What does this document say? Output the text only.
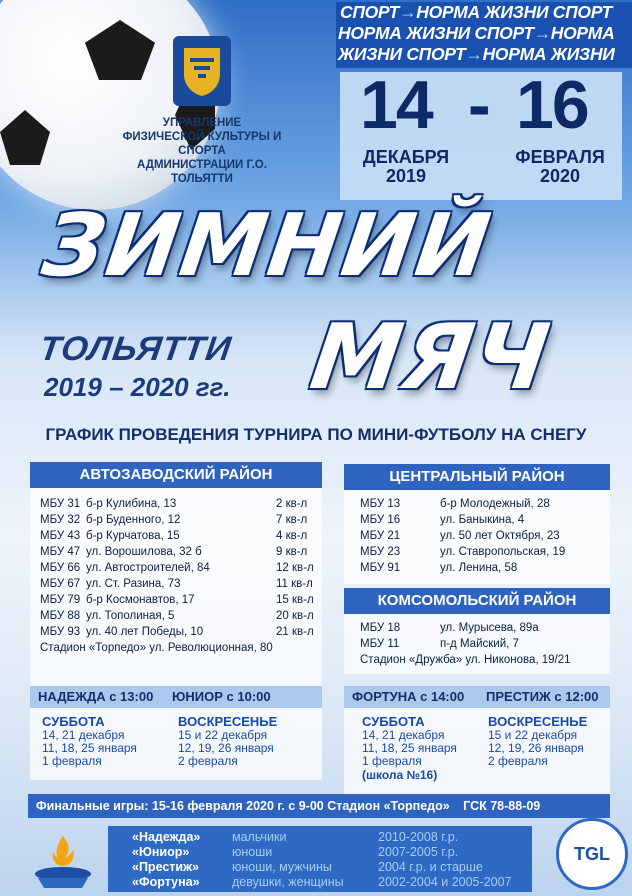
УПРАВЛЕНИЕ
ФИЗИЧЕСКОЙ КУЛЬТУРЫ И СПОРТА
АДМИНИСТРАЦИИ Г.О. ТОЛЬЯТТИ
СПОРТ→НОРМА ЖИЗНИ СПОРТ
НОРМА ЖИЗНИ СПОРТ→НОРМА
ЖИЗНИ СПОРТ→НОРМА ЖИЗНИ
14 - 16
ДЕКАБРЯ
2019
ФЕВРАЛЯ
2020
ЗИМНИЙ
МЯЧ
ТОЛЬЯТТИ
2019 – 2020 гг.
ГРАФИК ПРОВЕДЕНИЯ ТУРНИРА ПО МИНИ-ФУТБОЛУ НА СНЕГУ
АВТОЗАВОДСКИЙ РАЙОН
МБУ 31 б-р Кулибина, 13	2 кв-л
МБУ 32 б-р Буденного, 12	7 кв-л
МБУ 43 б-р Курчатова, 15	4 кв-л
МБУ 47 ул. Ворошилова, 32 б	9 кв-л
МБУ 66 ул. Автостроителей, 84	12 кв-л
МБУ 67 ул. Ст. Разина, 73	11 кв-л
МБУ 79 б-р Космонавтов, 17	15 кв-л
МБУ 88 ул. Тополиная, 5	20 кв-л
МБУ 93 ул. 40 лет Победы, 10	21 кв-л
Стадион «Торпедо» ул. Революционная, 80
ЦЕНТРАЛЬНЫЙ РАЙОН
МБУ 13	б-р Молодежный, 28
МБУ 16	ул. Баныкина, 4
МБУ 21	ул. 50 лет Октября, 23
МБУ 23	ул. Ставропольская, 19
МБУ 91	ул. Ленина, 58
КОМСОМОЛЬСКИЙ РАЙОН
МБУ 18	ул. Мурысева, 89а
МБУ 11	п-д Майский, 7
Стадион «Дружба» ул. Никонова, 19/21
НАДЕЖДА с 13:00	ЮНИОР с 10:00
СУББОТА
14, 21 декабря
11, 18, 25 января
1 февраля
ВОСКРЕСЕНЬЕ
15 и 22 декабря
12, 19, 26 января
2 февраля
ФОРТУНА с 14:00	ПРЕСТИЖ с 12:00
СУББОТА
14, 21 декабря
11, 18, 25 января
1 февраля
(школа №16)
ВОСКРЕСЕНЬЕ
15 и 22 декабря
12, 19, 26 января
2 февраля
Финальные игры: 15-16 февраля 2020 г. с 9-00 Стадион «Торпедо» ГСК 78-88-09
«Надежда»	мальчики	2010-2008 г.р.
«Юниор»	юноши	2007-2005 г.р.
«Престиж»	юноши, мужчины	2004 г.р. и старше
«Фортуна»	девушки, женщины	2002-2004 и 2005-2007
TGL
